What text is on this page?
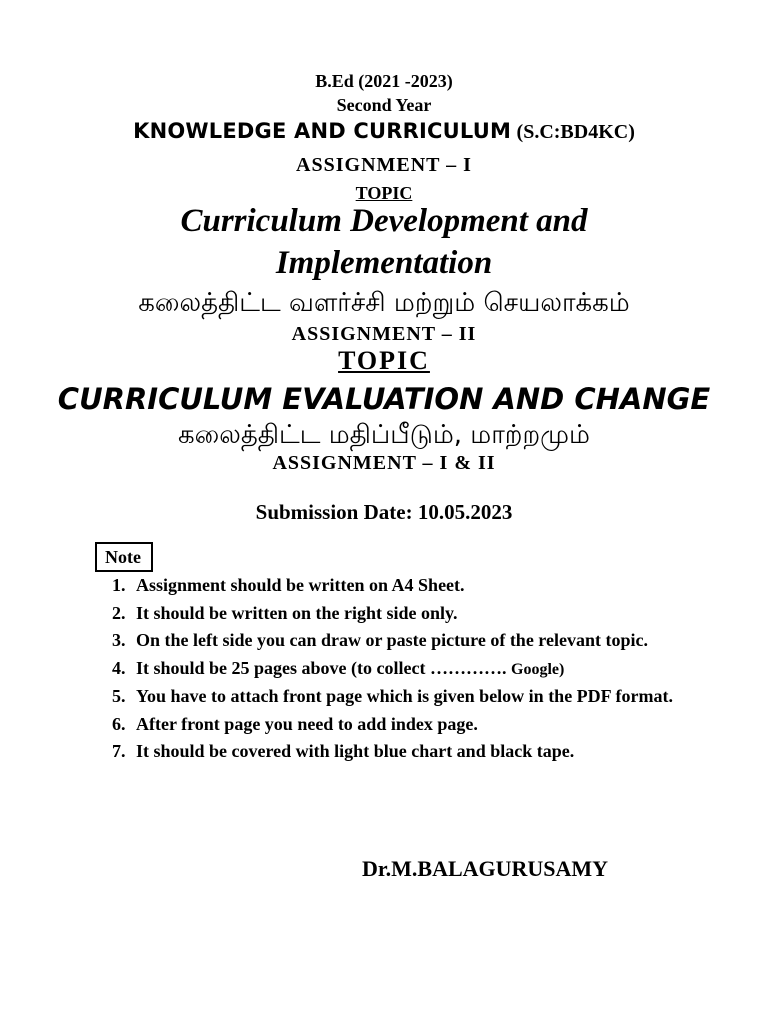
B.Ed (2021 -2023)
Second Year
KNOWLEDGE AND CURRICULUM (S.C:BD4KC)
ASSIGNMENT – I
TOPIC
Curriculum Development and
Implementation
கலைத்திட்ட வளர்ச்சி மற்றும் செயலாக்கம்
ASSIGNMENT – II
TOPIC
CURRICULUM EVALUATION AND CHANGE
கலைத்திட்ட மதிப்பீடும், மாற்றமும்
ASSIGNMENT – I & II
Submission Date: 10.05.2023
Note
1. Assignment should be written on A4 Sheet.
2. It should be written on the right side only.
3. On the left side you can draw or paste picture of the relevant topic.
4. It should be 25 pages above (to collect …………. Google)
5. You have to attach front page which is given below in the PDF format.
6. After front page you need to add index page.
7. It should be covered with light blue chart and black tape.
Dr.M.BALAGURUSAMY
